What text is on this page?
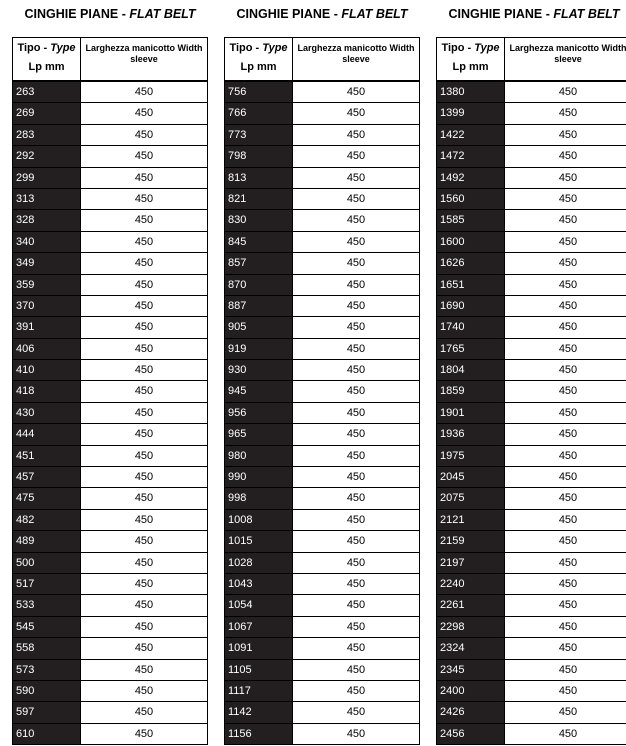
CINGHIE PIANE - FLAT BELT
Tipo - Type
Lp mm
Larghezza manicotto Width sleeve
263	450
269	450
283	450
292	450
299	450
313	450
328	450
340	450
349	450
359	450
370	450
391	450
406	450
410	450
418	450
430	450
444	450
451	450
457	450
475	450
482	450
489	450
500	450
517	450
533	450
545	450
558	450
573	450
590	450
597	450
610	450
CINGHIE PIANE - FLAT BELT
Tipo - Type
Lp mm
Larghezza manicotto Width sleeve
756	450
766	450
773	450
798	450
813	450
821	450
830	450
845	450
857	450
870	450
887	450
905	450
919	450
930	450
945	450
956	450
965	450
980	450
990	450
998	450
1008	450
1015	450
1028	450
1043	450
1054	450
1067	450
1091	450
1105	450
1117	450
1142	450
1156	450
CINGHIE PIANE - FLAT BELT
Tipo - Type
Lp mm
Larghezza manicotto Width sleeve
1380	450
1399	450
1422	450
1472	450
1492	450
1560	450
1585	450
1600	450
1626	450
1651	450
1690	450
1740	450
1765	450
1804	450
1859	450
1901	450
1936	450
1975	450
2045	450
2075	450
2121	450
2159	450
2197	450
2240	450
2261	450
2298	450
2324	450
2345	450
2400	450
2426	450
2456	450
